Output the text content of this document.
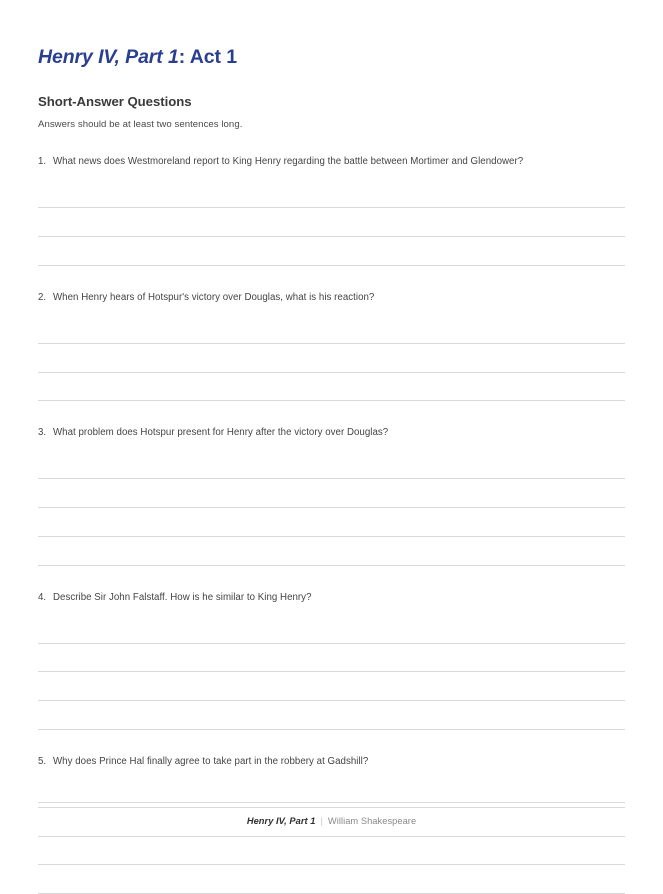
Henry IV, Part 1: Act 1
Short-Answer Questions

Answers should be at least two sentences long.

1. What news does Westmoreland report to King Henry regarding the battle between Mortimer and Glendower?
2. When Henry hears of Hotspur's victory over Douglas, what is his reaction?
3. What problem does Hotspur present for Henry after the victory over Douglas?
4. Describe Sir John Falstaff. How is he similar to King Henry?
5. Why does Prince Hal finally agree to take part in the robbery at Gadshill?
Henry IV, Part 1 | William Shakespeare
